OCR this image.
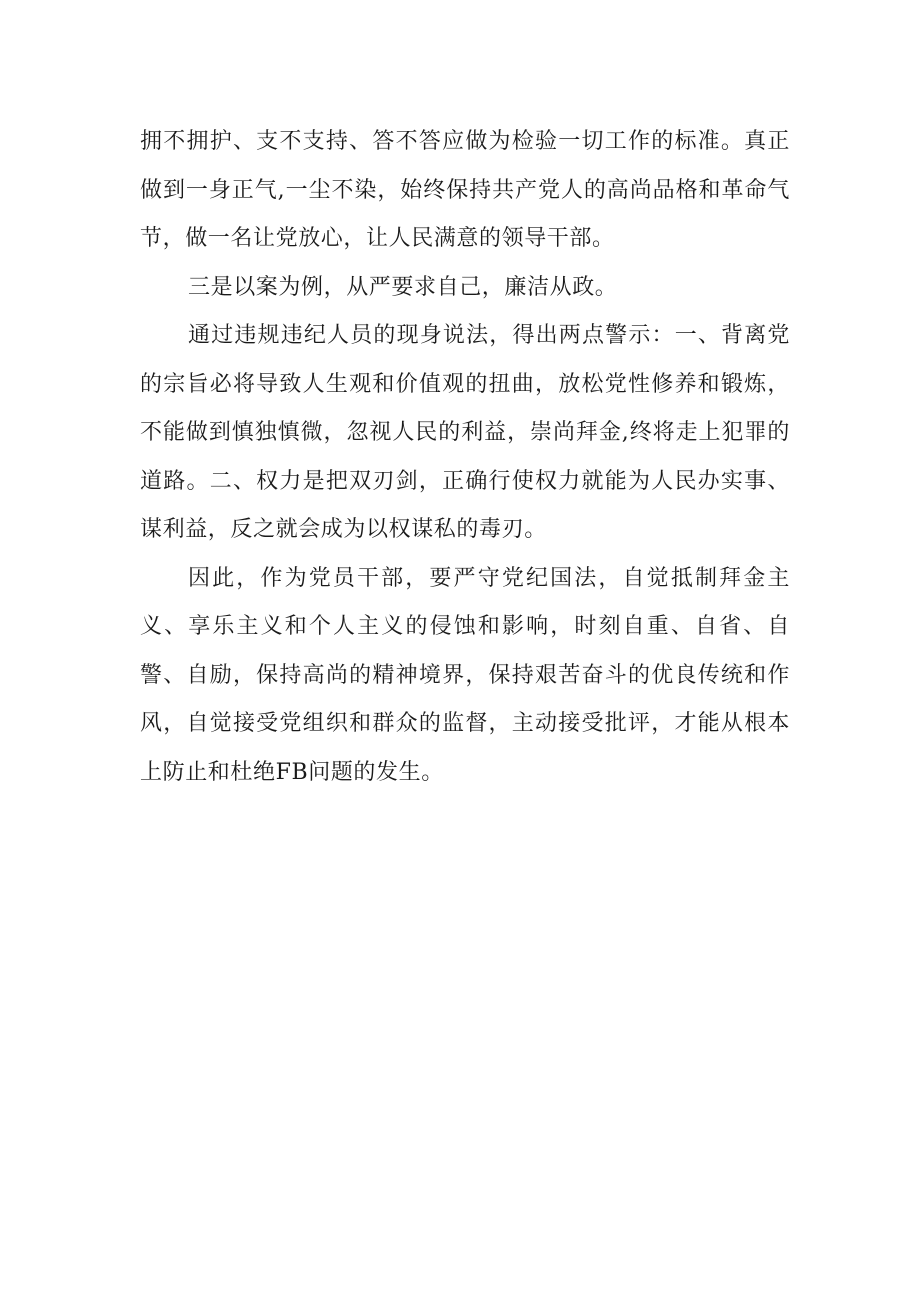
拥不拥护、支不支持、答不答应做为检验一切工作的标准。真正做到一身正气,一尘不染，始终保持共产党人的高尚品格和革命气节，做一名让党放心，让人民满意的领导干部。

三是以案为例，从严要求自己，廉洁从政。

通过违规违纪人员的现身说法，得出两点警示：一、背离党的宗旨必将导致人生观和价值观的扭曲，放松党性修养和锻炼，不能做到慎独慎微，忽视人民的利益，崇尚拜金,终将走上犯罪的道路。二、权力是把双刃剑，正确行使权力就能为人民办实事、谋利益，反之就会成为以权谋私的毒刃。

因此，作为党员干部，要严守党纪国法，自觉抵制拜金主义、享乐主义和个人主义的侵蚀和影响，时刻自重、自省、自警、自励，保持高尚的精神境界，保持艰苦奋斗的优良传统和作风，自觉接受党组织和群众的监督，主动接受批评，才能从根本上防止和杜绝FB问题的发生。
